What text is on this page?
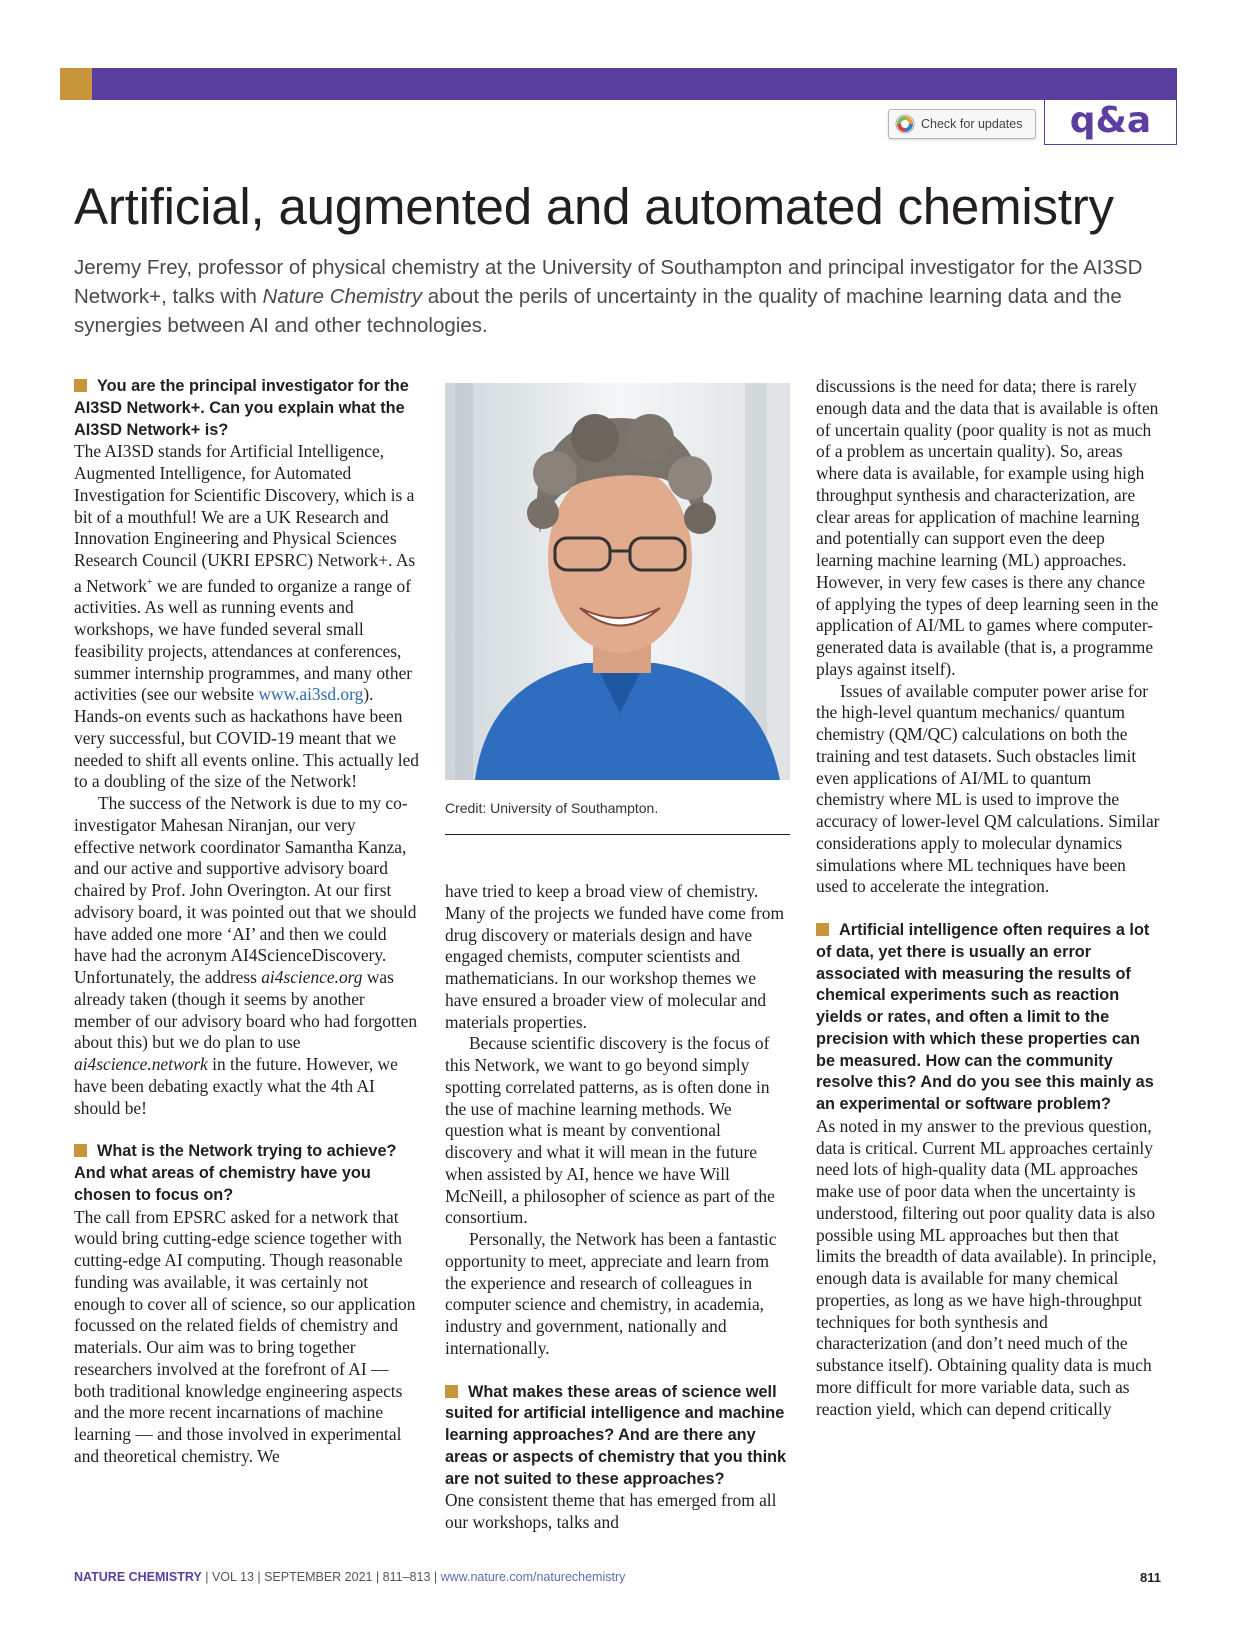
Check for updates	q&a
Artificial, augmented and automated chemistry

Jeremy Frey, professor of physical chemistry at the University of Southampton and principal investigator for the AI3SD Network+, talks with Nature Chemistry about the perils of uncertainty in the quality of machine learning data and the synergies between AI and other technologies.

You are the principal investigator for the AI3SD Network+. Can you explain what the AI3SD Network+ is?

The AI3SD stands for Artificial Intelligence, Augmented Intelligence, for Automated Investigation for Scientific Discovery, which is a bit of a mouthful! We are a UK Research and Innovation Engineering and Physical Sciences Research Council (UKRI EPSRC) Network+. As a Network+ we are funded to organize a range of activities. As well as running events and workshops, we have funded several small feasibility projects, attendances at conferences, summer internship programmes, and many other activities (see our website www.ai3sd.org). Hands-on events such as hackathons have been very successful, but COVID-19 meant that we needed to shift all events online. This actually led to a doubling of the size of the Network!

The success of the Network is due to my co-investigator Mahesan Niranjan, our very effective network coordinator Samantha Kanza, and our active and supportive advisory board chaired by Prof. John Overington. At our first advisory board, it was pointed out that we should have added one more ‘AI’ and then we could have had the acronym AI4ScienceDiscovery. Unfortunately, the address ai4science.org was already taken (though it seems by another member of our advisory board who had forgotten about this) but we do plan to use ai4science.network in the future. However, we have been debating exactly what the 4th AI should be!

What is the Network trying to achieve? And what areas of chemistry have you chosen to focus on?

The call from EPSRC asked for a network that would bring cutting-edge science together with cutting-edge AI computing. Though reasonable funding was available, it was certainly not enough to cover all of science, so our application focussed on the related fields of chemistry and materials. Our aim was to bring together researchers involved at the forefront of AI — both traditional knowledge engineering aspects and the more recent incarnations of machine learning — and those involved in experimental and theoretical chemistry. We

Credit: University of Southampton.

have tried to keep a broad view of chemistry. Many of the projects we funded have come from drug discovery or materials design and have engaged chemists, computer scientists and mathematicians. In our workshop themes we have ensured a broader view of molecular and materials properties.

Because scientific discovery is the focus of this Network, we want to go beyond simply spotting correlated patterns, as is often done in the use of machine learning methods. We question what is meant by conventional discovery and what it will mean in the future when assisted by AI, hence we have Will McNeill, a philosopher of science as part of the consortium.

Personally, the Network has been a fantastic opportunity to meet, appreciate and learn from the experience and research of colleagues in computer science and chemistry, in academia, industry and government, nationally and internationally.

What makes these areas of science well suited for artificial intelligence and machine learning approaches? And are there any areas or aspects of chemistry that you think are not suited to these approaches?

One consistent theme that has emerged from all our workshops, talks and

discussions is the need for data; there is rarely enough data and the data that is available is often of uncertain quality (poor quality is not as much of a problem as uncertain quality). So, areas where data is available, for example using high throughput synthesis and characterization, are clear areas for application of machine learning and potentially can support even the deep learning machine learning (ML) approaches. However, in very few cases is there any chance of applying the types of deep learning seen in the application of AI/ML to games where computer-generated data is available (that is, a programme plays against itself).

Issues of available computer power arise for the high-level quantum mechanics/ quantum chemistry (QM/QC) calculations on both the training and test datasets. Such obstacles limit even applications of AI/ML to quantum chemistry where ML is used to improve the accuracy of lower-level QM calculations. Similar considerations apply to molecular dynamics simulations where ML techniques have been used to accelerate the integration.

Artificial intelligence often requires a lot of data, yet there is usually an error associated with measuring the results of chemical experiments such as reaction yields or rates, and often a limit to the precision with which these properties can be measured. How can the community resolve this? And do you see this mainly as an experimental or software problem?

As noted in my answer to the previous question, data is critical. Current ML approaches certainly need lots of high-quality data (ML approaches make use of poor data when the uncertainty is understood, filtering out poor quality data is also possible using ML approaches but then that limits the breadth of data available). In principle, enough data is available for many chemical properties, as long as we have high-throughput techniques for both synthesis and characterization (and don’t need much of the substance itself). Obtaining quality data is much more difficult for more variable data, such as reaction yield, which can depend critically

NATURE CHEMISTRY | VOL 13 | SEPTEMBER 2021 | 811–813 | www.nature.com/naturechemistry	811
